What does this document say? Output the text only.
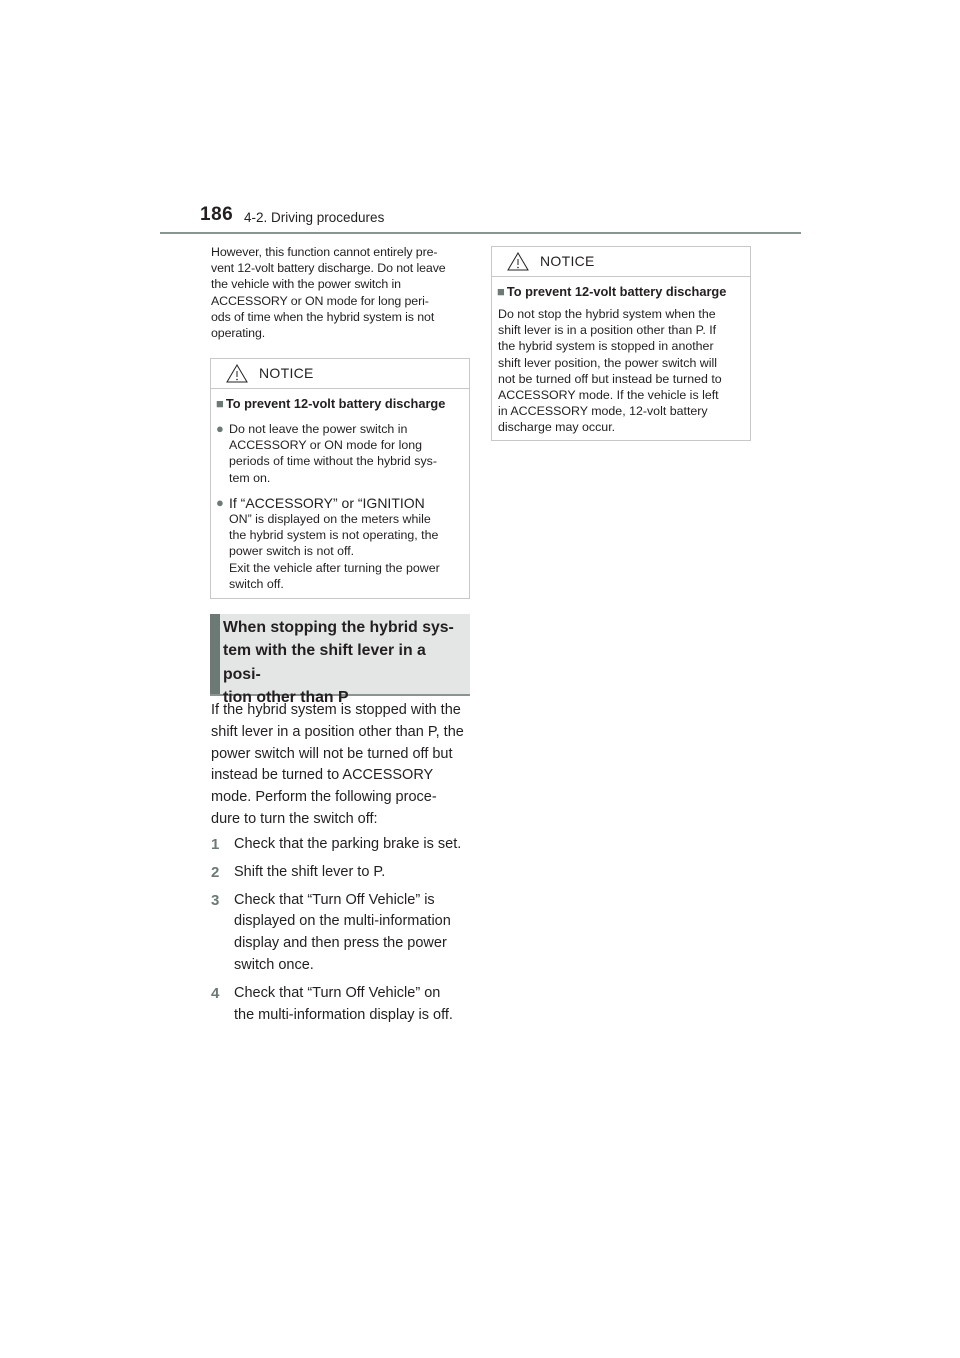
186 4-2. Driving procedures
However, this function cannot entirely pre-
vent 12-volt battery discharge. Do not leave
the vehicle with the power switch in
ACCESSORY or ON mode for long peri-
ods of time when the hybrid system is not
operating.
NOTICE
■ To prevent 12-volt battery discharge
● Do not leave the power switch in
ACCESSORY or ON mode for long
periods of time without the hybrid sys-
tem on.
● If “ACCESSORY” or “IGNITION
ON” is displayed on the meters while
the hybrid system is not operating, the
power switch is not off.
Exit the vehicle after turning the power
switch off.
When stopping the hybrid sys-
tem with the shift lever in a posi-
tion other than P
If the hybrid system is stopped with the
shift lever in a position other than P, the
power switch will not be turned off but
instead be turned to ACCESSORY
mode. Perform the following proce-
dure to turn the switch off:
1	Check that the parking brake is set.
2	Shift the shift lever to P.
3	Check that “Turn Off Vehicle” is
displayed on the multi-information
display and then press the power
switch once.
4	Check that “Turn Off Vehicle” on
the multi-information display is off.
NOTICE
■ To prevent 12-volt battery discharge
Do not stop the hybrid system when the
shift lever is in a position other than P. If
the hybrid system is stopped in another
shift lever position, the power switch will
not be turned off but instead be turned to
ACCESSORY mode. If the vehicle is left
in ACCESSORY mode, 12-volt battery
discharge may occur.
